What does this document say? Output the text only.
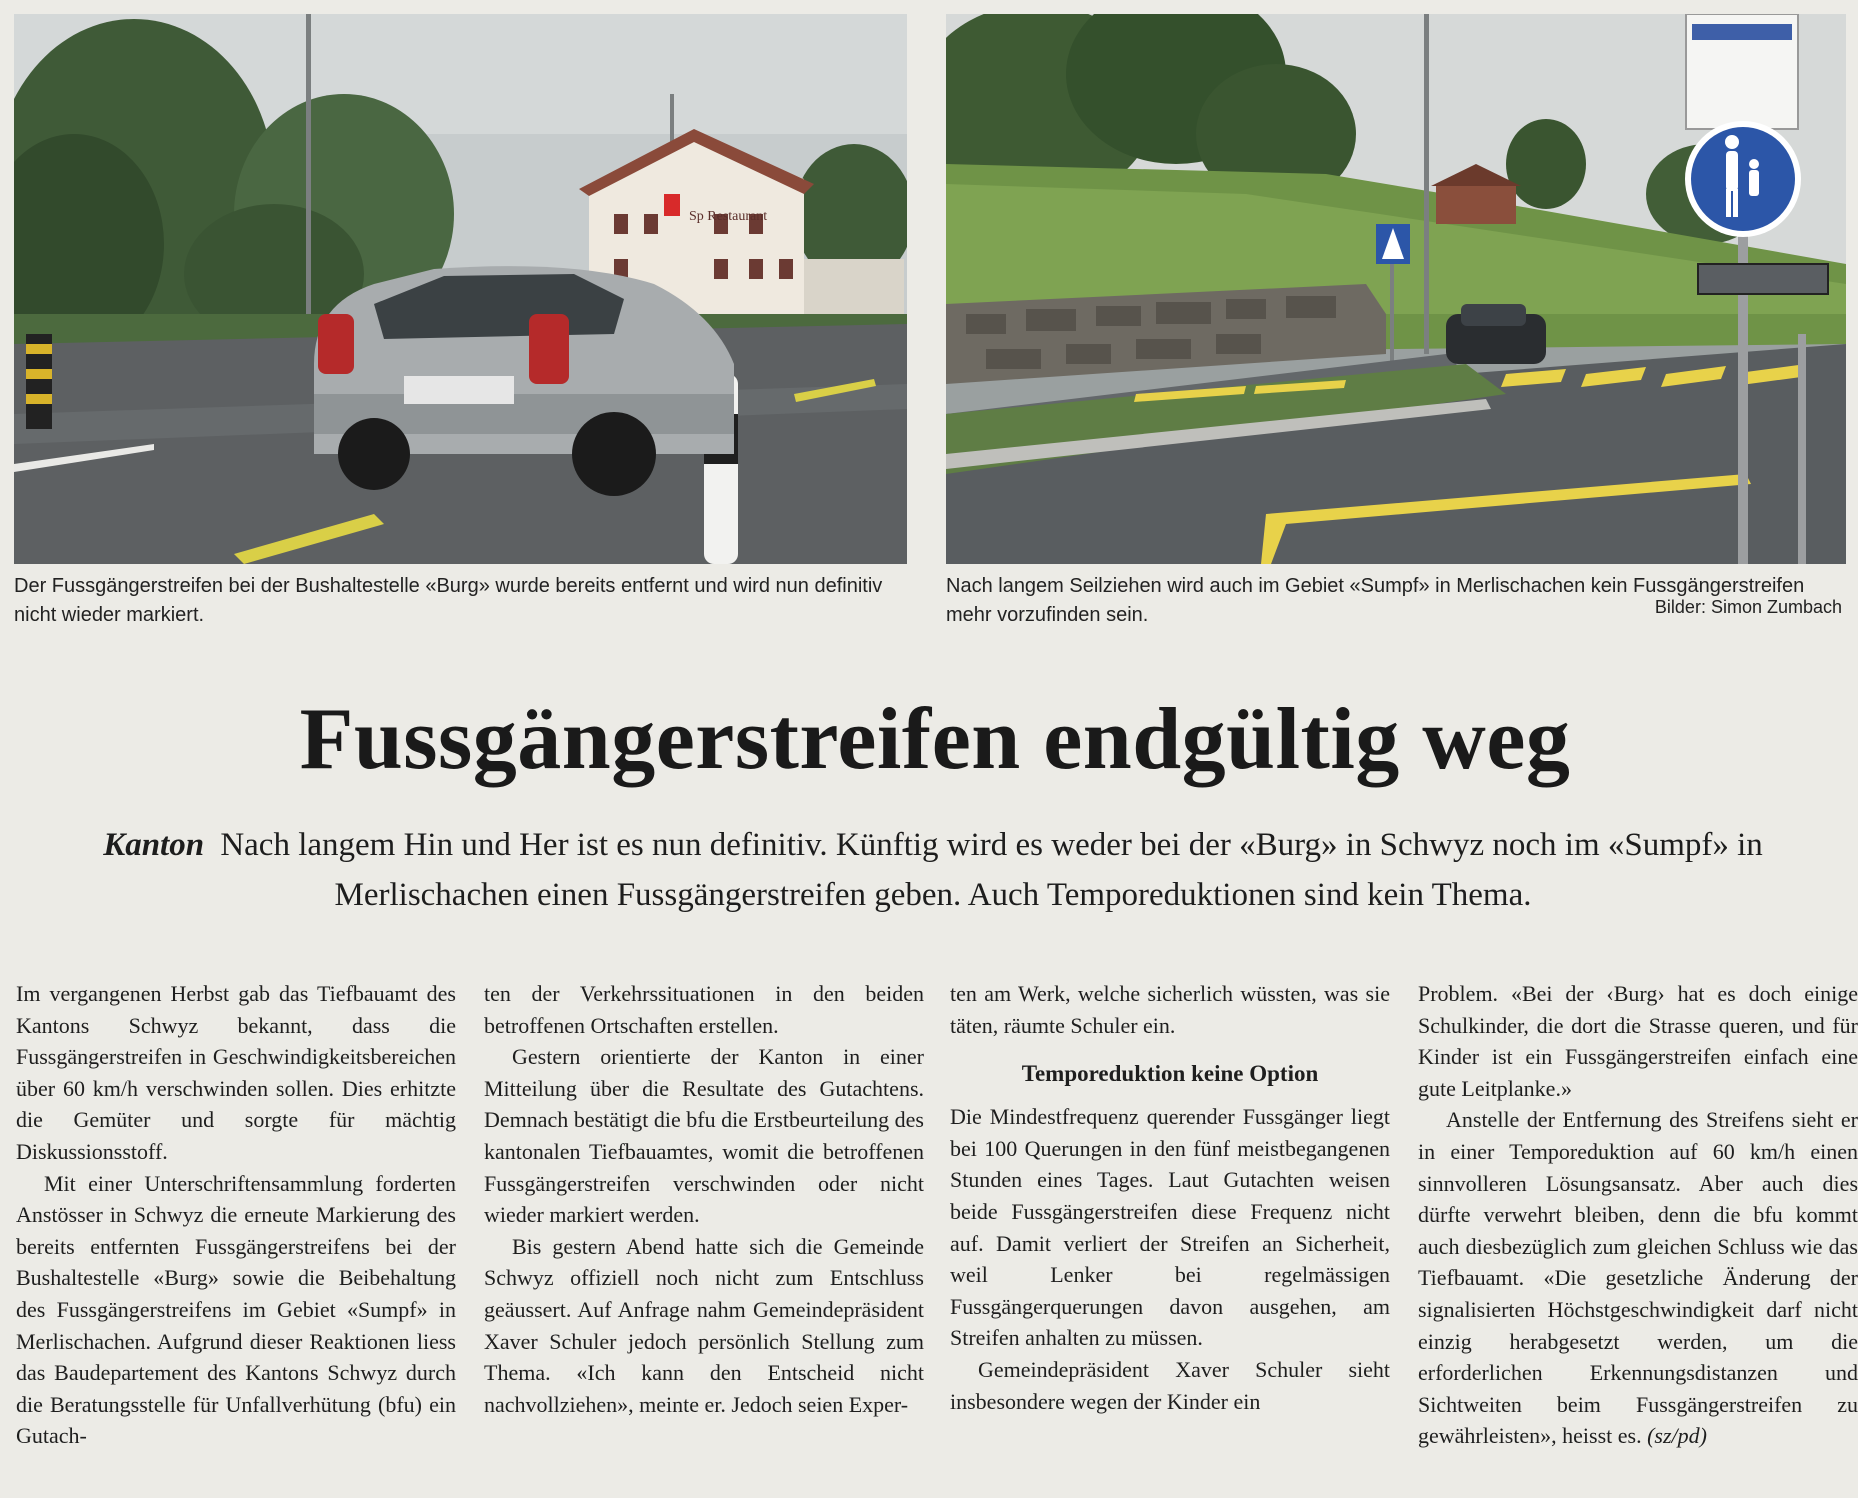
Sp Restaurant
Der Fussgängerstreifen bei der Bushaltestelle «Burg» wurde bereits entfernt und wird nun definitiv nicht wieder markiert.
Nach langem Seilziehen wird auch im Gebiet «Sumpf» in Merlischachen kein Fussgängerstreifen mehr vorzufinden sein.	Bilder: Simon Zumbach
Fussgängerstreifen endgültig weg
Kanton Nach langem Hin und Her ist es nun definitiv. Künftig wird es weder bei der «Burg» in Schwyz noch im «Sumpf» in Merlischachen einen Fussgängerstreifen geben. Auch Temporeduktionen sind kein Thema.

Im vergangenen Herbst gab das Tiefbauamt des Kantons Schwyz bekannt, dass die Fussgängerstreifen in Geschwindigkeitsbereichen über 60 km/h verschwinden sollen. Dies erhitzte die Gemüter und sorgte für mächtig Diskussionsstoff.

Mit einer Unterschriftensammlung forderten Anstösser in Schwyz die erneute Markierung des bereits entfernten Fussgängerstreifens bei der Bushaltestelle «Burg» sowie die Beibehaltung des Fussgängerstreifens im Gebiet «Sumpf» in Merlischachen. Aufgrund dieser Reaktionen liess das Baudepartement des Kantons Schwyz durch die Beratungsstelle für Unfallverhütung (bfu) ein Gutach-

ten der Verkehrssituationen in den beiden betroffenen Ortschaften erstellen.

Gestern orientierte der Kanton in einer Mitteilung über die Resultate des Gutachtens. Demnach bestätigt die bfu die Erstbeurteilung des kantonalen Tiefbauamtes, womit die betroffenen Fussgängerstreifen verschwinden oder nicht wieder markiert werden.

Bis gestern Abend hatte sich die Gemeinde Schwyz offiziell noch nicht zum Entschluss geäussert. Auf Anfrage nahm Gemeindepräsident Xaver Schuler jedoch persönlich Stellung zum Thema. «Ich kann den Entscheid nicht nachvollziehen», meinte er. Jedoch seien Exper-

ten am Werk, welche sicherlich wüssten, was sie täten, räumte Schuler ein.

Temporeduktion keine Option

Die Mindestfrequenz querender Fussgänger liegt bei 100 Querungen in den fünf meistbegangenen Stunden eines Tages. Laut Gutachten weisen beide Fussgängerstreifen diese Frequenz nicht auf. Damit verliert der Streifen an Sicherheit, weil Lenker bei regelmässigen Fussgängerquerungen davon ausgehen, am Streifen anhalten zu müssen.

Gemeindepräsident Xaver Schuler sieht insbesondere wegen der Kinder ein

Problem. «Bei der ‹Burg› hat es doch einige Schulkinder, die dort die Strasse queren, und für Kinder ist ein Fussgängerstreifen einfach eine gute Leitplanke.»

Anstelle der Entfernung des Streifens sieht er in einer Temporeduktion auf 60 km/h einen sinnvolleren Lösungsansatz. Aber auch dies dürfte verwehrt bleiben, denn die bfu kommt auch diesbezüglich zum gleichen Schluss wie das Tiefbauamt. «Die gesetzliche Änderung der signalisierten Höchstgeschwindigkeit darf nicht einzig herabgesetzt werden, um die erforderlichen Erkennungsdistanzen und Sichtweiten beim Fussgängerstreifen zu gewährleisten», heisst es. (sz/pd)
